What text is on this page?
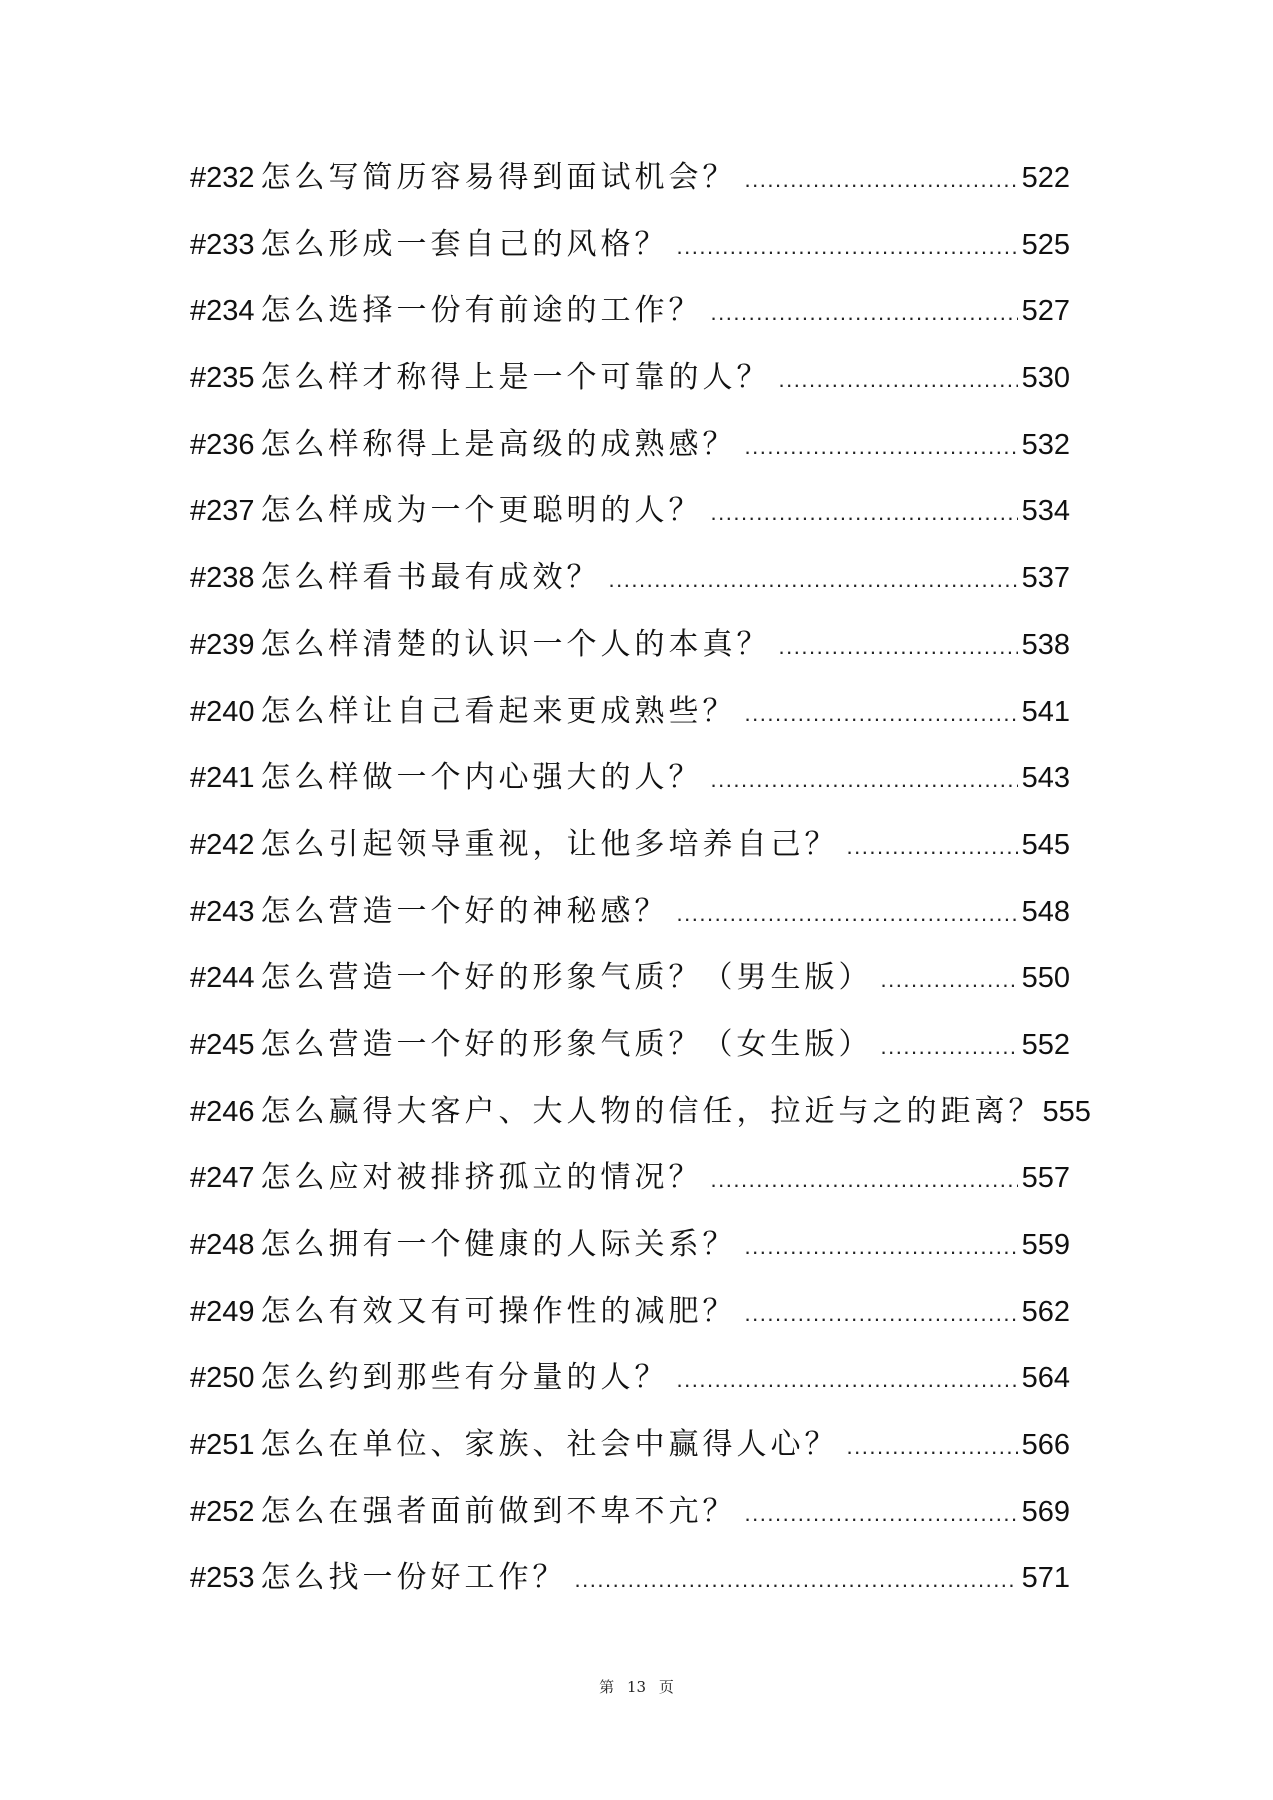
#232 怎么写简历容易得到面试机会？ .....	522
#233 怎么形成一套自己的风格？ .....	525
#234 怎么选择一份有前途的工作？ .....	527
#235 怎么样才称得上是一个可靠的人？ .....	530
#236 怎么样称得上是高级的成熟感？ .....	532
#237 怎么样成为一个更聪明的人？ .....	534
#238 怎么样看书最有成效？ .....	537
#239 怎么样清楚的认识一个人的本真？ .....	538
#240 怎么样让自己看起来更成熟些？ .....	541
#241 怎么样做一个内心强大的人？ .....	543
#242 怎么引起领导重视，让他多培养自己？ .....	545
#243 怎么营造一个好的神秘感？ .....	548
#244 怎么营造一个好的形象气质？（男生版） .....	550
#245 怎么营造一个好的形象气质？（女生版） .....	552
#246 怎么赢得大客户、大人物的信任，拉近与之的距离？ 555
#247 怎么应对被排挤孤立的情况？ .....	557
#248 怎么拥有一个健康的人际关系？ .....	559
#249 怎么有效又有可操作性的减肥？ .....	562
#250 怎么约到那些有分量的人？ .....	564
#251 怎么在单位、家族、社会中赢得人心？ .....	566
#252 怎么在强者面前做到不卑不亢？ .....	569
#253 怎么找一份好工作？ .....	571
第 13 页
